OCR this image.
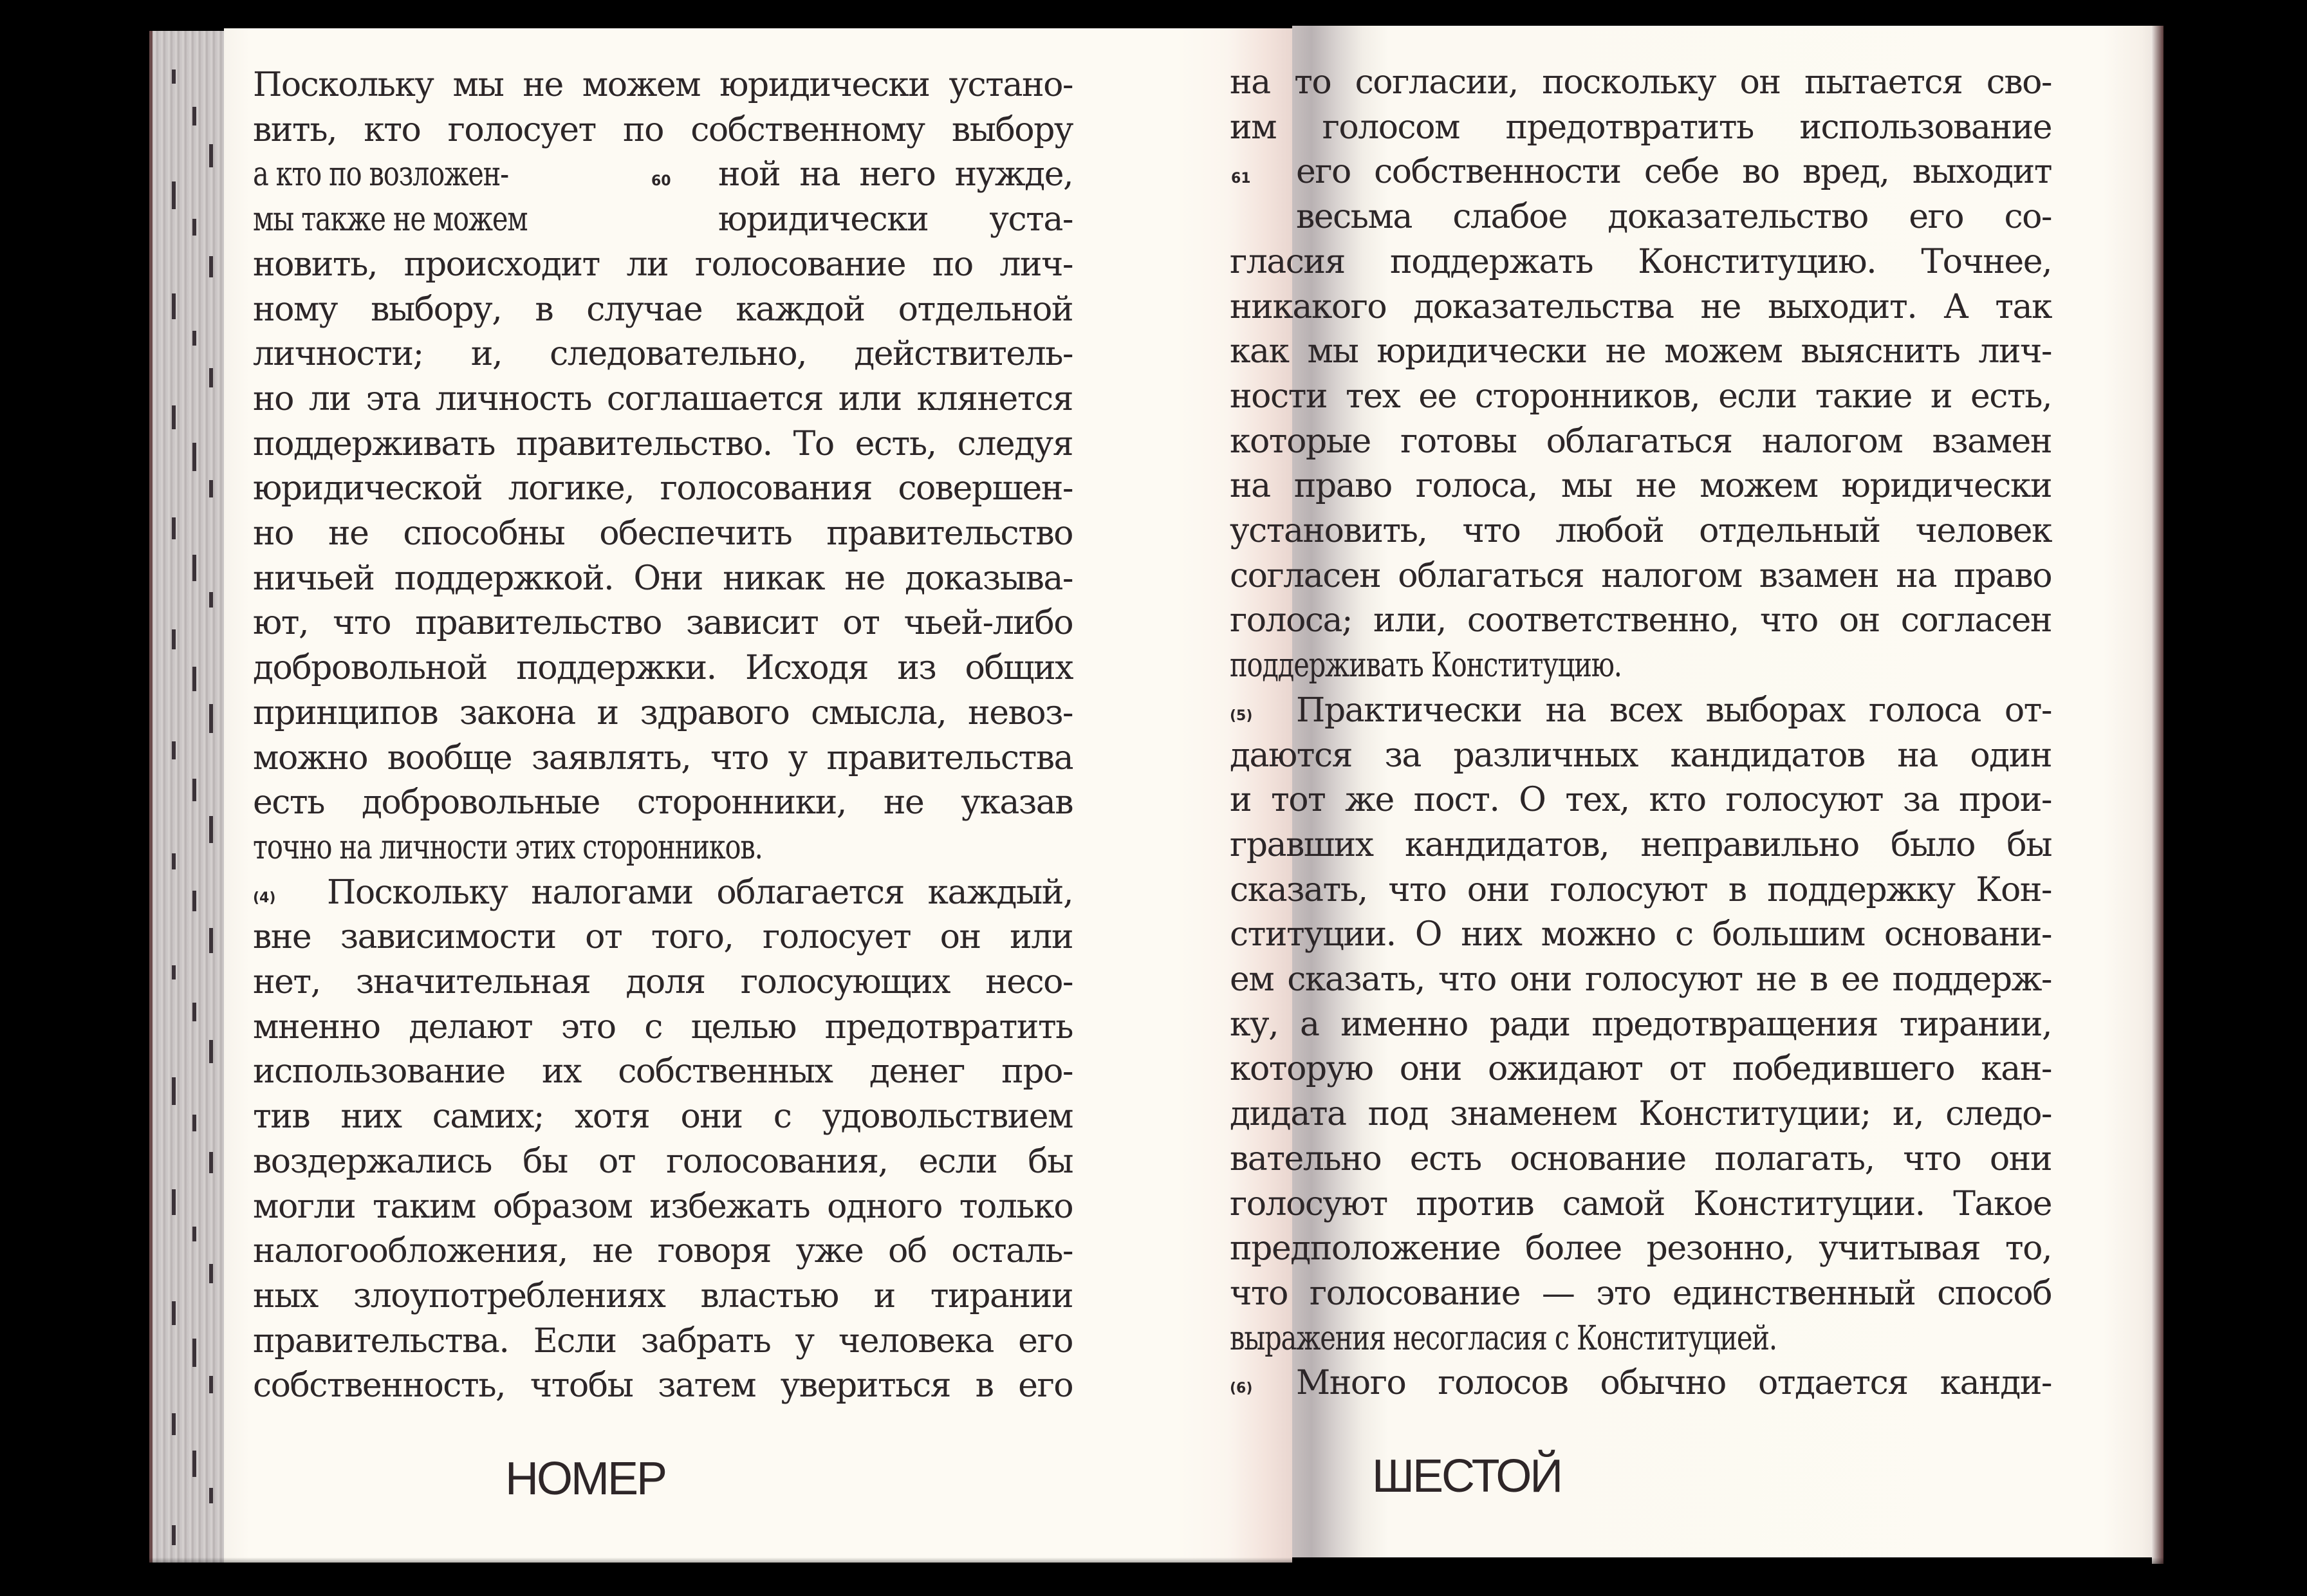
НОМЕР
Поскольку мы не можем юридически устано-
вить, кто голосует по собственному выбору
а кто по возложен-	ной на него нужде,
мы также не можем	юридически уста-
новить, происходит ли голосование по лич-
ному выбору, в случае каждой отдельной
личности; и, следовательно, действитель-
но ли эта личность соглашается или клянется
поддерживать правительство. То есть, следуя
юридической логике, голосования совершен-
но не способны обеспечить правительство
ничьей поддержкой. Они никак не доказыва-
ют, что правительство зависит от чьей-либо
добровольной поддержки. Исходя из общих
принципов закона и здравого смысла, невоз-
можно вообще заявлять, что у правительства
есть добровольные сторонники, не указав
точно на личности этих сторонников.
(4) Поскольку налогами облагается каждый,
вне зависимости от того, голосует он или
нет, значительная доля голосующих несо-
мненно делают это с целью предотвратить
использование их собственных денег про-
тив них самих; хотя они с удовольствием
воздержались бы от голосования, если бы
могли таким образом избежать одного только
налогообложения, не говоря уже об осталь-
ных злоупотреблениях властью и тирании
правительства. Если забрать у человека его
собственность, чтобы затем увериться в его
60
ШЕСТОЙ
на то согласии, поскольку он пытается сво-
им голосом предотвратить использование
его собственности себе во вред, выходит
весьма слабое доказательство его со-
гласия поддержать Конституцию. Точнее,
никакого доказательства не выходит. А так
как мы юридически не можем выяснить лич-
ности тех ее сторонников, если такие и есть,
которые готовы облагаться налогом взамен
на право голоса, мы не можем юридически
установить, что любой отдельный человек
согласен облагаться налогом взамен на право
голоса; или, соответственно, что он согласен
поддерживать Конституцию.
(5) Практически на всех выборах голоса от-
даются за различных кандидатов на один
и тот же пост. О тех, кто голосуют за прои-
гравших кандидатов, неправильно было бы
сказать, что они голосуют в поддержку Кон-
ституции. О них можно с большим основани-
ем сказать, что они голосуют не в ее поддерж-
ку, а именно ради предотвращения тирании,
которую они ожидают от победившего кан-
дидата под знаменем Конституции; и, следо-
вательно есть основание полагать, что они
голосуют против самой Конституции. Такое
предположение более резонно, учитывая то,
что голосование — это единственный способ
выражения несогласия с Конституцией.
(6) Много голосов обычно отдается канди-
61
